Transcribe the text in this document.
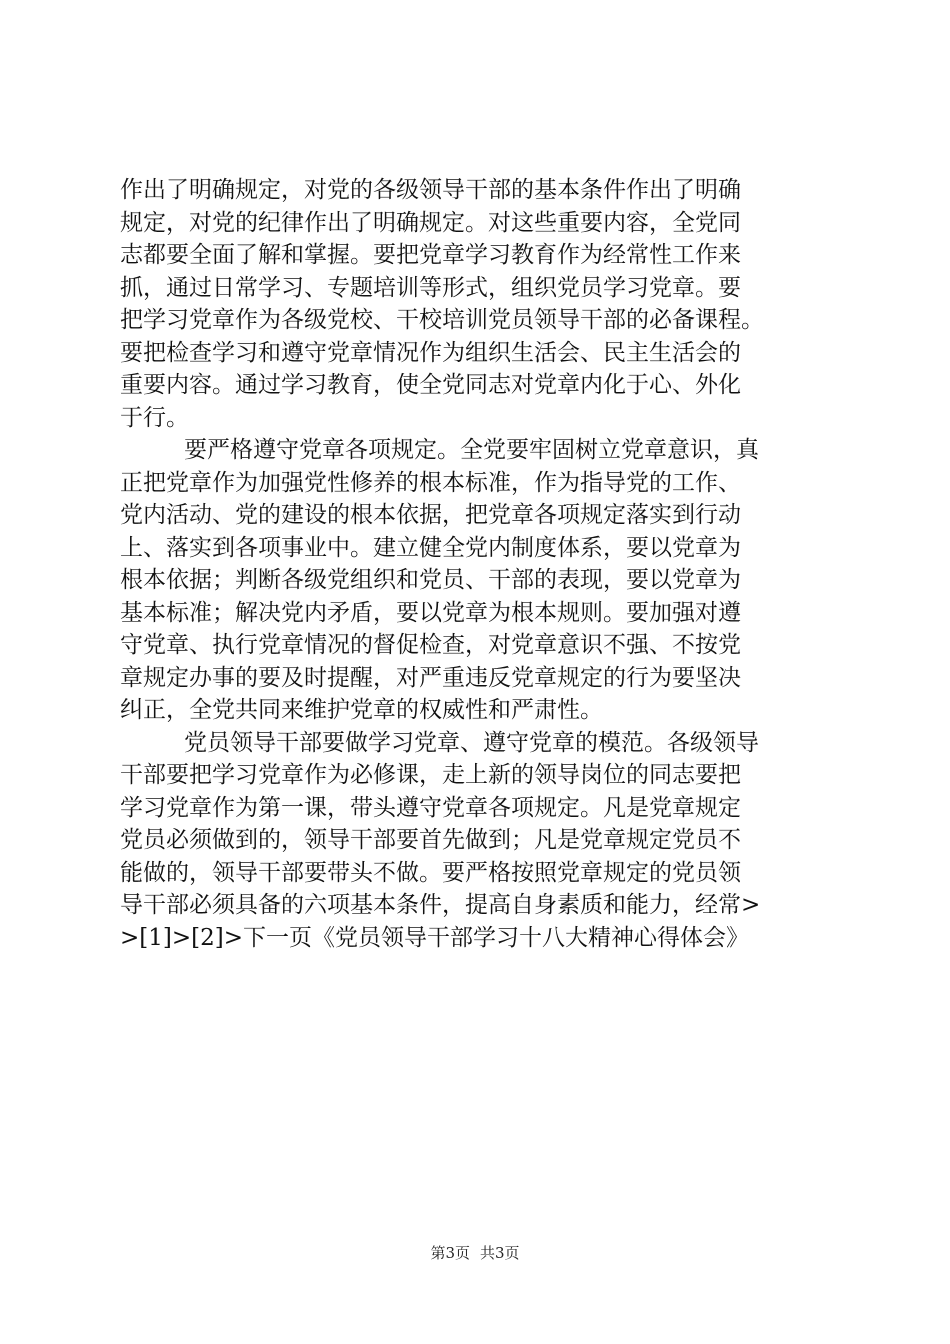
作出了明确规定，对党的各级领导干部的基本条件作出了明确
规定，对党的纪律作出了明确规定。对这些重要内容，全党同
志都要全面了解和掌握。要把党章学习教育作为经常性工作来
抓，通过日常学习、专题培训等形式，组织党员学习党章。要
把学习党章作为各级党校、干校培训党员领导干部的必备课程。
要把检查学习和遵守党章情况作为组织生活会、民主生活会的
重要内容。通过学习教育，使全党同志对党章内化于心、外化
于行。
要严格遵守党章各项规定。全党要牢固树立党章意识，真
正把党章作为加强党性修养的根本标准，作为指导党的工作、
党内活动、党的建设的根本依据，把党章各项规定落实到行动
上、落实到各项事业中。建立健全党内制度体系，要以党章为
根本依据；判断各级党组织和党员、干部的表现，要以党章为
基本标准；解决党内矛盾，要以党章为根本规则。要加强对遵
守党章、执行党章情况的督促检查，对党章意识不强、不按党
章规定办事的要及时提醒，对严重违反党章规定的行为要坚决
纠正，全党共同来维护党章的权威性和严肃性。
党员领导干部要做学习党章、遵守党章的模范。各级领导
干部要把学习党章作为必修课，走上新的领导岗位的同志要把
学习党章作为第一课，带头遵守党章各项规定。凡是党章规定
党员必须做到的，领导干部要首先做到；凡是党章规定党员不
能做的，领导干部要带头不做。要严格按照党章规定的党员领
导干部必须具备的六项基本条件，提高自身素质和能力，经常>
>[1]>[2]>下一页《党员领导干部学习十八大精神心得体会》
第3页 共3页
